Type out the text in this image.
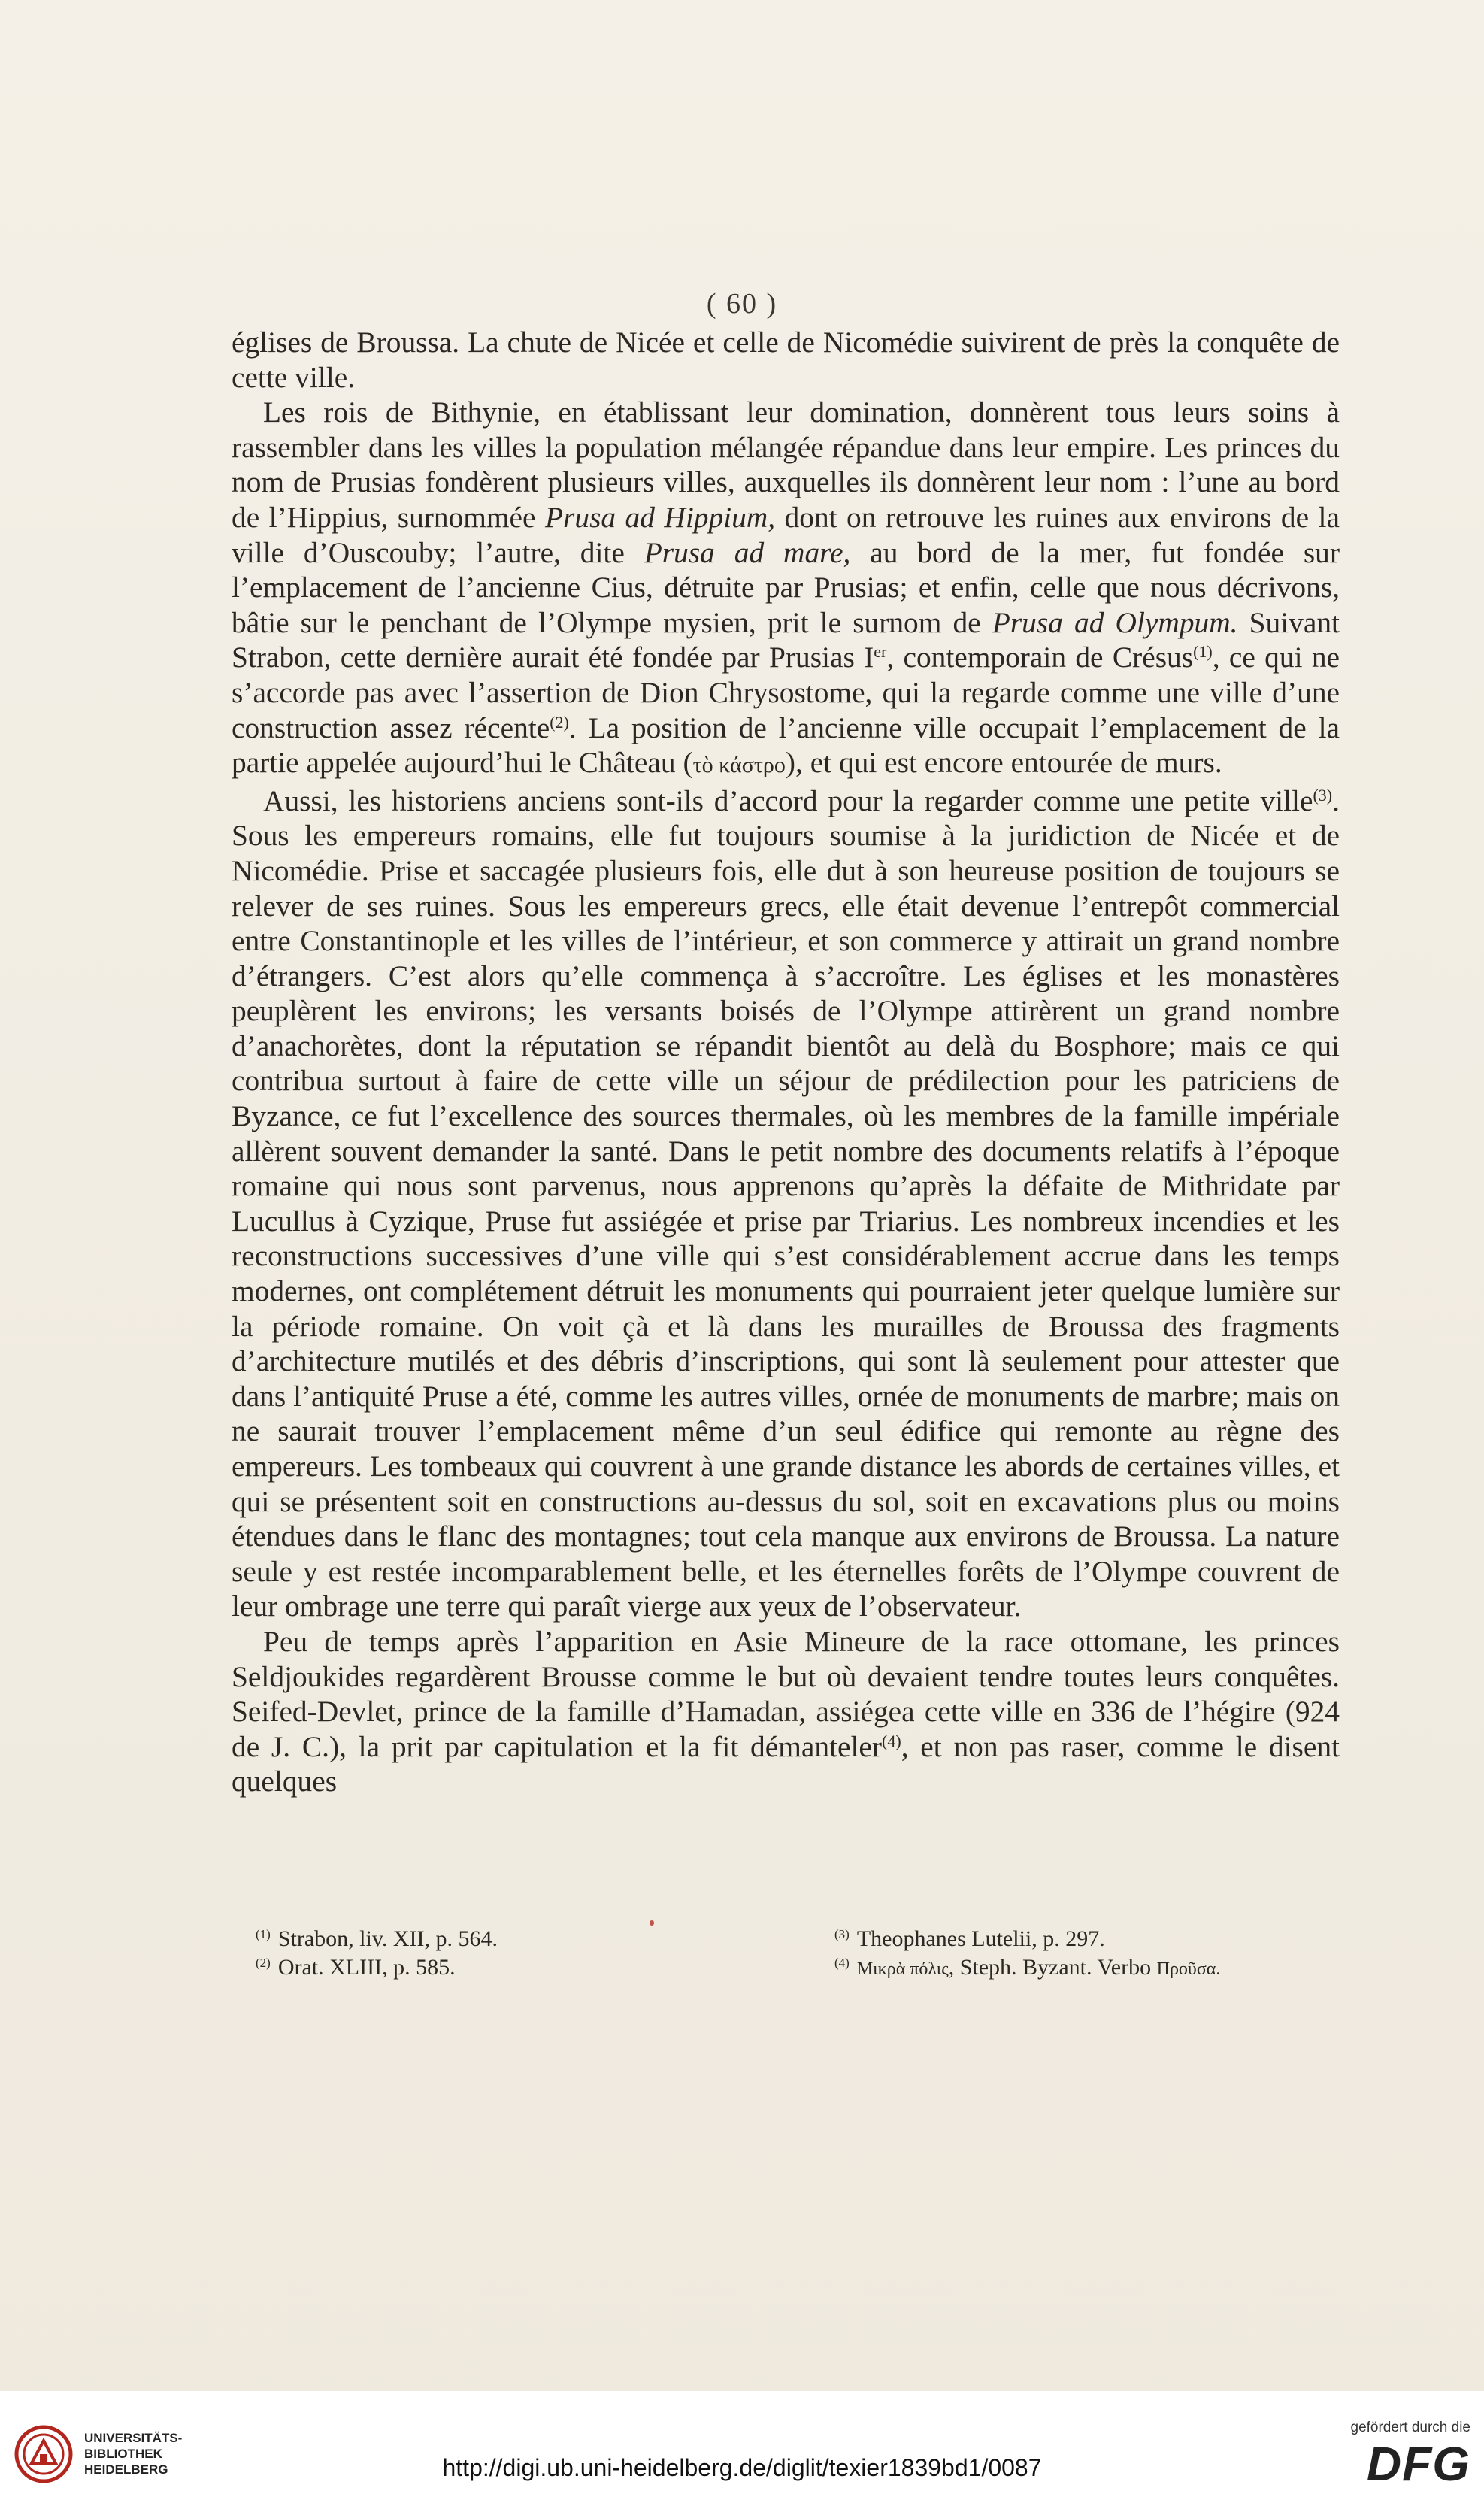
( 60 )

églises de Broussa. La chute de Nicée et celle de Nicomédie suivirent de près la conquête de cette ville.

Les rois de Bithynie, en établissant leur domination, donnèrent tous leurs soins à rassembler dans les villes la population mélangée répandue dans leur empire. Les princes du nom de Prusias fondèrent plusieurs villes, auxquelles ils donnèrent leur nom : l’une au bord de l’Hippius, surnommée Prusa ad Hippium, dont on retrouve les ruines aux environs de la ville d’Ouscouby; l’autre, dite Prusa ad mare, au bord de la mer, fut fondée sur l’emplacement de l’ancienne Cius, détruite par Prusias; et enfin, celle que nous décrivons, bâtie sur le penchant de l’Olympe mysien, prit le surnom de Prusa ad Olympum. Suivant Strabon, cette dernière aurait été fondée par Prusias Ier, contemporain de Crésus$^{(1)}$, ce qui ne s’accorde pas avec l’assertion de Dion Chrysostome, qui la regarde comme une ville d’une construction assez récente$^{(2)}$. La position de l’ancienne ville occupait l’emplacement de la partie appelée aujourd’hui le Château (τὸ κάστρο), et qui est encore entourée de murs.

Aussi, les historiens anciens sont-ils d’accord pour la regarder comme une petite ville$^{(3)}$. Sous les empereurs romains, elle fut toujours soumise à la juridiction de Nicée et de Nicomédie. Prise et saccagée plusieurs fois, elle dut à son heureuse position de toujours se relever de ses ruines. Sous les empereurs grecs, elle était devenue l’entrepôt commercial entre Constantinople et les villes de l’intérieur, et son commerce y attirait un grand nombre d’étrangers. C’est alors qu’elle commença à s’accroître. Les églises et les monastères peuplèrent les environs; les versants boisés de l’Olympe attirèrent un grand nombre d’anachorètes, dont la réputation se répandit bientôt au delà du Bosphore; mais ce qui contribua surtout à faire de cette ville un séjour de prédilection pour les patriciens de Byzance, ce fut l’excellence des sources thermales, où les membres de la famille impériale allèrent souvent demander la santé. Dans le petit nombre des documents relatifs à l’époque romaine qui nous sont parvenus, nous apprenons qu’après la défaite de Mithridate par Lucullus à Cyzique, Pruse fut assiégée et prise par Triarius. Les nombreux incendies et les reconstructions successives d’une ville qui s’est considérablement accrue dans les temps modernes, ont complétement détruit les monuments qui pourraient jeter quelque lumière sur la période romaine. On voit çà et là dans les murailles de Broussa des fragments d’architecture mutilés et des débris d’inscriptions, qui sont là seulement pour attester que dans l’antiquité Pruse a été, comme les autres villes, ornée de monuments de marbre; mais on ne saurait trouver l’emplacement même d’un seul édifice qui remonte au règne des empereurs. Les tombeaux qui couvrent à une grande distance les abords de certaines villes, et qui se présentent soit en constructions au-dessus du sol, soit en excavations plus ou moins étendues dans le flanc des montagnes; tout cela manque aux environs de Broussa. La nature seule y est restée incomparablement belle, et les éternelles forêts de l’Olympe couvrent de leur ombrage une terre qui paraît vierge aux yeux de l’observateur.

Peu de temps après l’apparition en Asie Mineure de la race ottomane, les princes Seldjoukides regardèrent Brousse comme le but où devaient tendre toutes leurs conquêtes. Seifed-Devlet, prince de la famille d’Hamadan, assiégea cette ville en 336 de l’hégire (924 de J. C.), la prit par capitulation et la fit démanteler$^{(4)}$, et non pas raser, comme le disent quelques

$^{(1)}$ Strabon, liv. XII, p. 564.
$^{(2)}$ Orat. XLIII, p. 585.
$^{(3)}$ Theophanes Lutelii, p. 297.
$^{(4)}$ Μικρὰ πόλις, Steph. Byzant. Verbo Προῦσα.
UNIVERSITÄTS-
BIBLIOTHEK
HEIDELBERG	http://digi.ub.uni-heidelberg.de/diglit/texier1839bd1/0087
gefördert durch die
DFG
